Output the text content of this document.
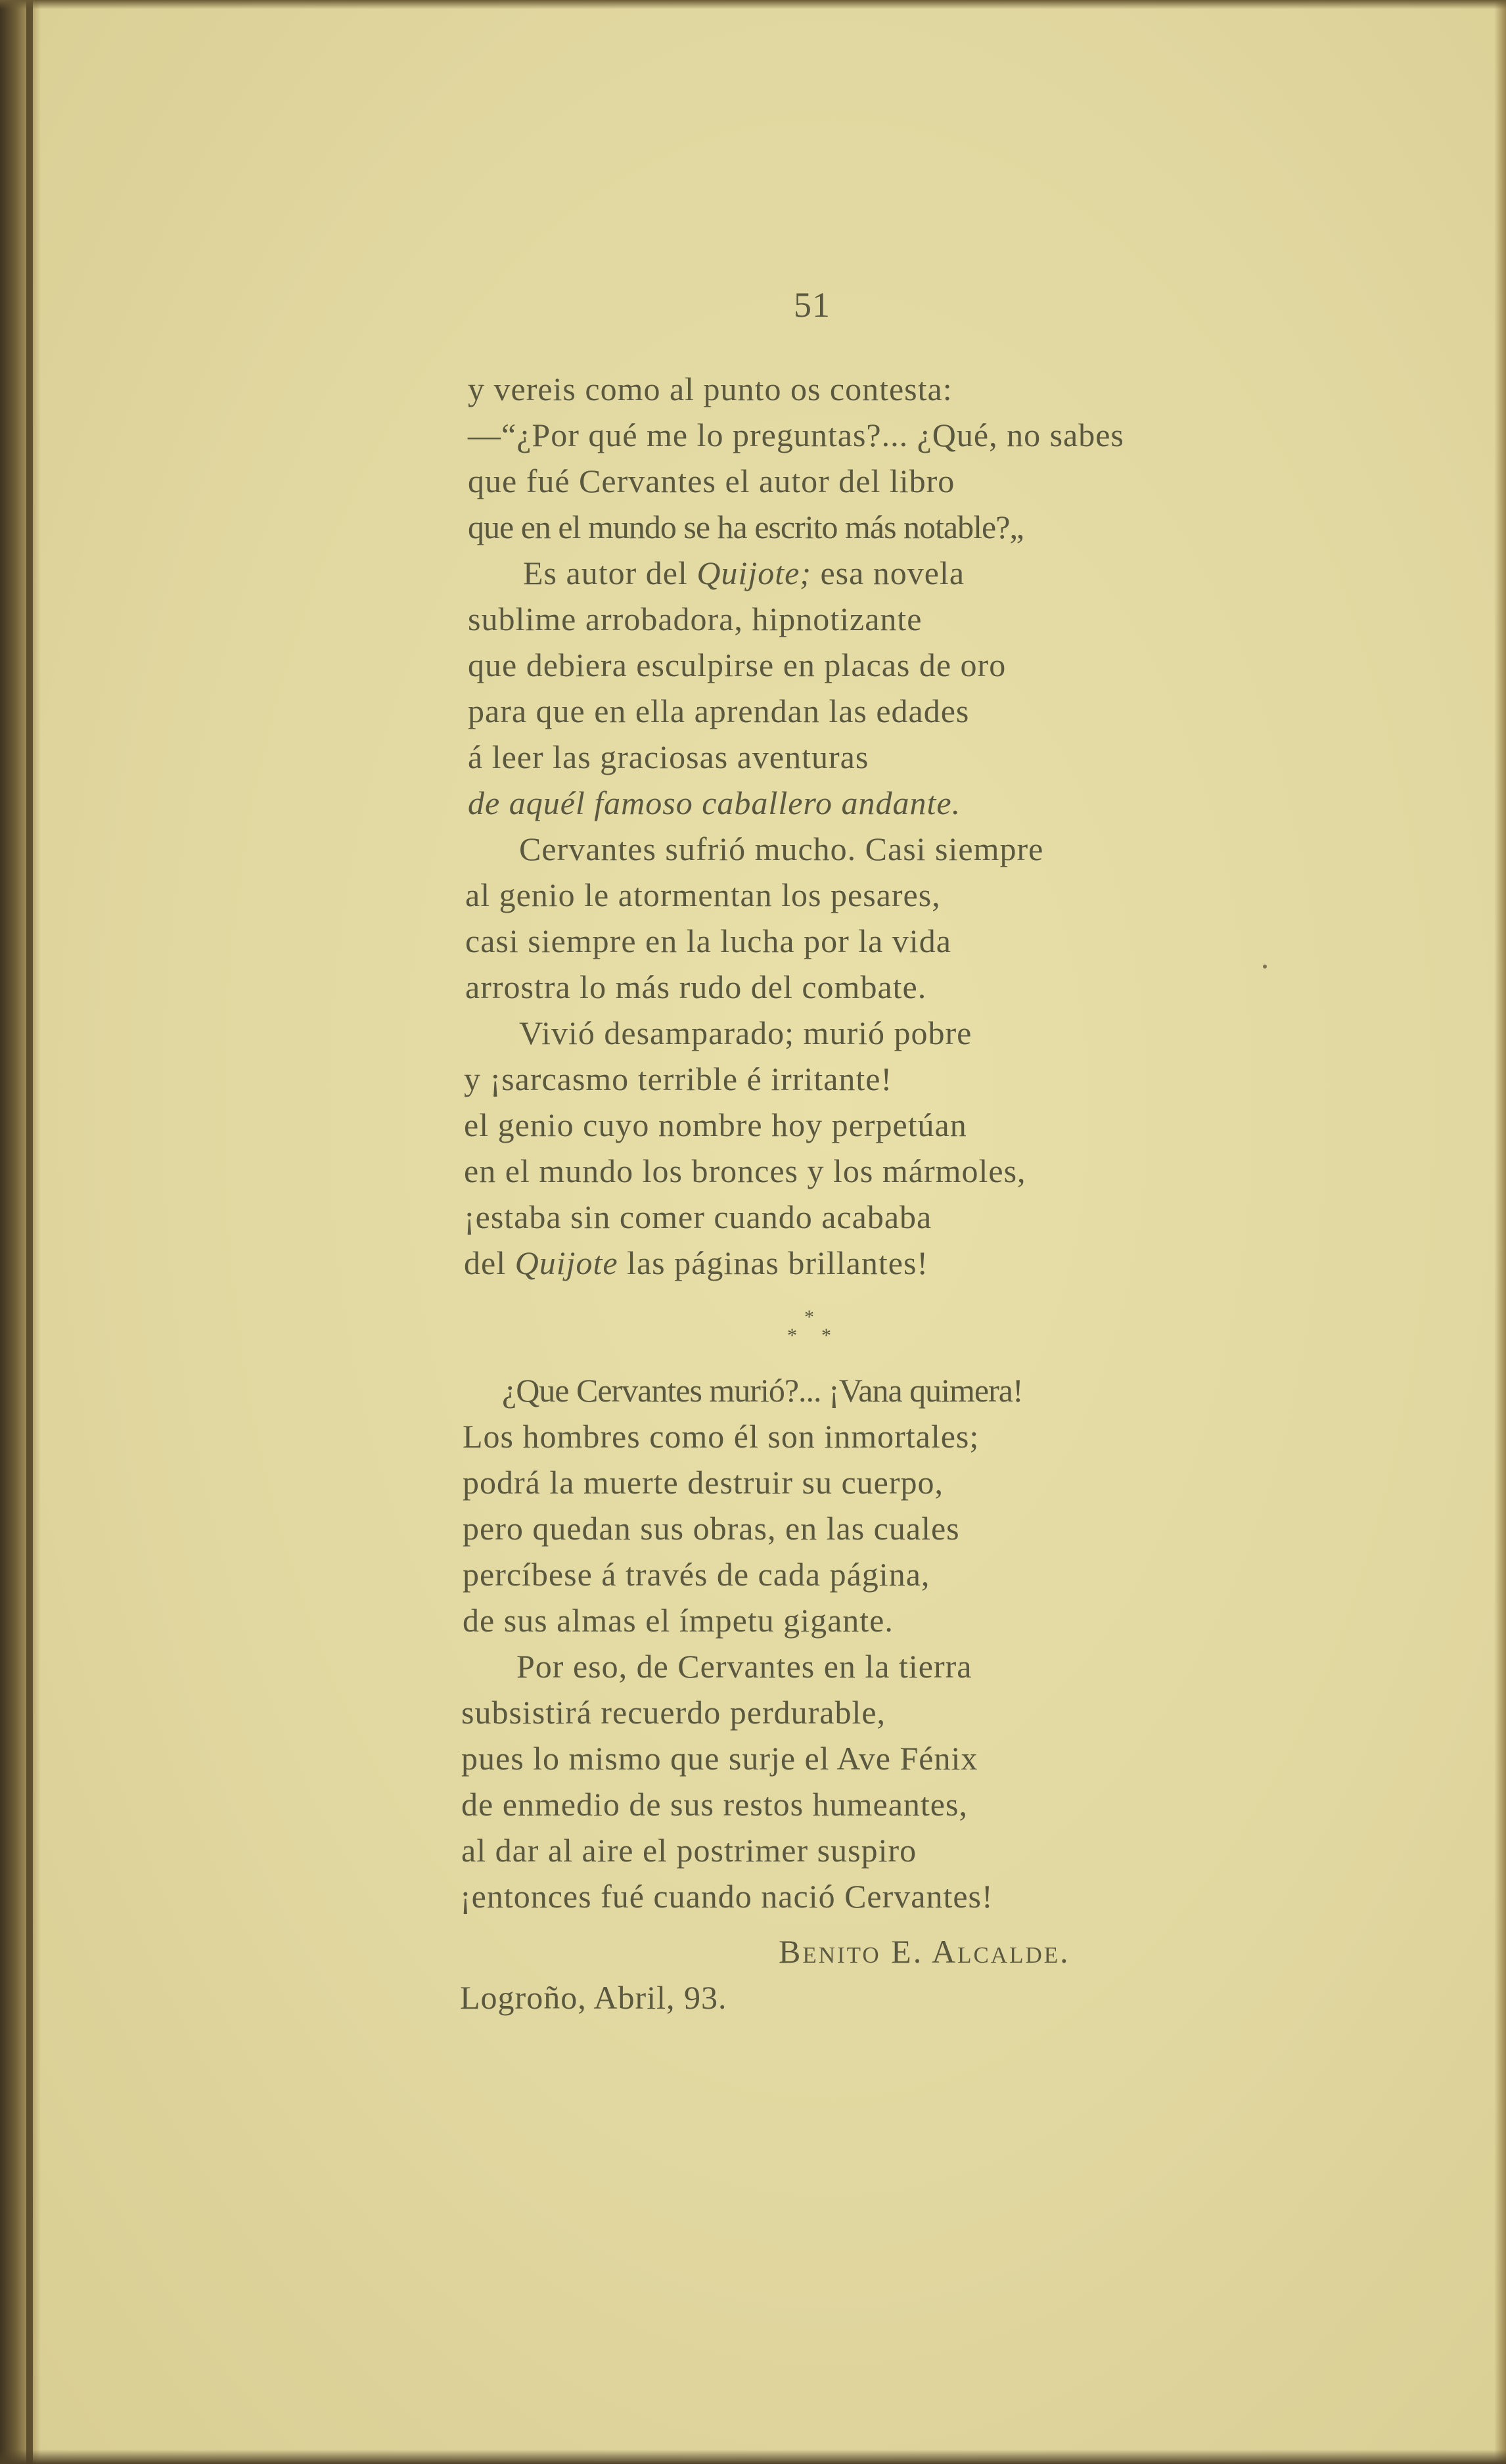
51
y vereis como al punto os contesta:
—“¿Por qué me lo preguntas?... ¿Qué, no sabes
que fué Cervantes el autor del libro
que en el mundo se ha escrito más notable?„
Es autor del Quijote; esa novela
sublime arrobadora, hipnotizante
que debiera esculpirse en placas de oro
para que en ella aprendan las edades
á leer las graciosas aventuras
de aquél famoso caballero andante.
Cervantes sufrió mucho. Casi siempre
al genio le atormentan los pesares,
casi siempre en la lucha por la vida
arrostra lo más rudo del combate.
Vivió desamparado; murió pobre
y ¡sarcasmo terrible é irritante!
el genio cuyo nombre hoy perpetúan
en el mundo los bronces y los mármoles,
¡estaba sin comer cuando acababa
del Quijote las páginas brillantes!
*
* *
¿Que Cervantes murió?... ¡Vana quimera!
Los hombres como él son inmortales;
podrá la muerte destruir su cuerpo,
pero quedan sus obras, en las cuales
percíbese á través de cada página,
de sus almas el ímpetu gigante.
Por eso, de Cervantes en la tierra
subsistirá recuerdo perdurable,
pues lo mismo que surje el Ave Fénix
de enmedio de sus restos humeantes,
al dar al aire el postrimer suspiro
¡entonces fué cuando nació Cervantes!
Benito E. Alcalde.
Logroño, Abril, 93.
